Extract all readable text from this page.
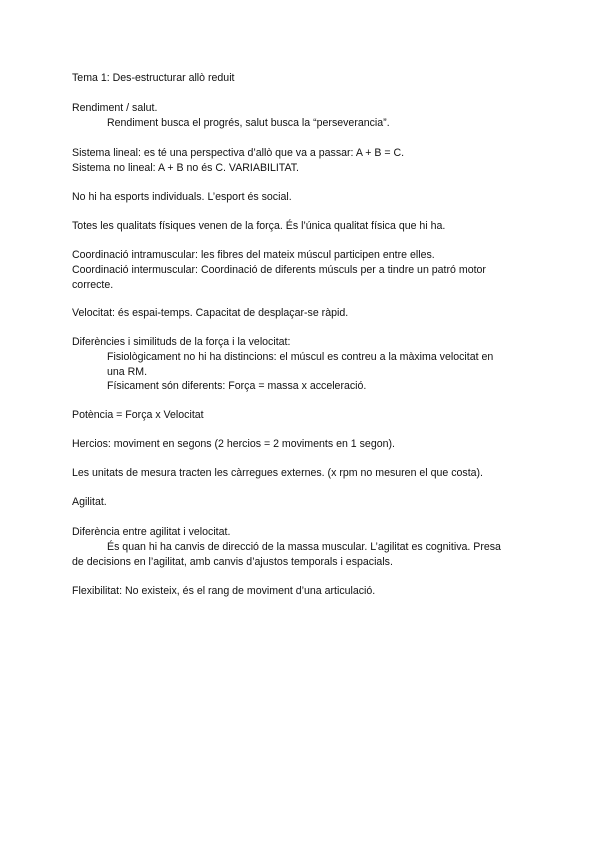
Tema 1: Des-estructurar allò reduit
Rendiment / salut.
Rendiment busca el progrés, salut busca la “perseverancia”.
Sistema lineal: es té una perspectiva d’allò que va a passar: A + B = C.
Sistema no lineal: A + B no és C. VARIABILITAT.
No hi ha esports individuals. L’esport és social.
Totes les qualitats físiques venen de la força. És l’única qualitat física que hi ha.
Coordinació intramuscular: les fibres del mateix múscul participen entre elles.
Coordinació intermuscular: Coordinació de diferents músculs per a tindre un patró motor
correcte.
Velocitat: és espai-temps. Capacitat de desplaçar-se ràpid.
Diferències i similituds de la força i la velocitat:
Fisiològicament no hi ha distincions: el múscul es contreu a la màxima velocitat en
una RM.
Físicament són diferents: Força = massa x acceleració.
Potència = Força x Velocitat
Hercios: moviment en segons (2 hercios = 2 moviments en 1 segon).
Les unitats de mesura tracten les càrregues externes. (x rpm no mesuren el que costa).
Agilitat.
Diferència entre agilitat i velocitat.
És quan hi ha canvis de direcció de la massa muscular. L’agilitat es cognitiva. Presa
de decisions en l’agilitat, amb canvis d’ajustos temporals i espacials.
Flexibilitat: No existeix, és el rang de moviment d’una articulació.
